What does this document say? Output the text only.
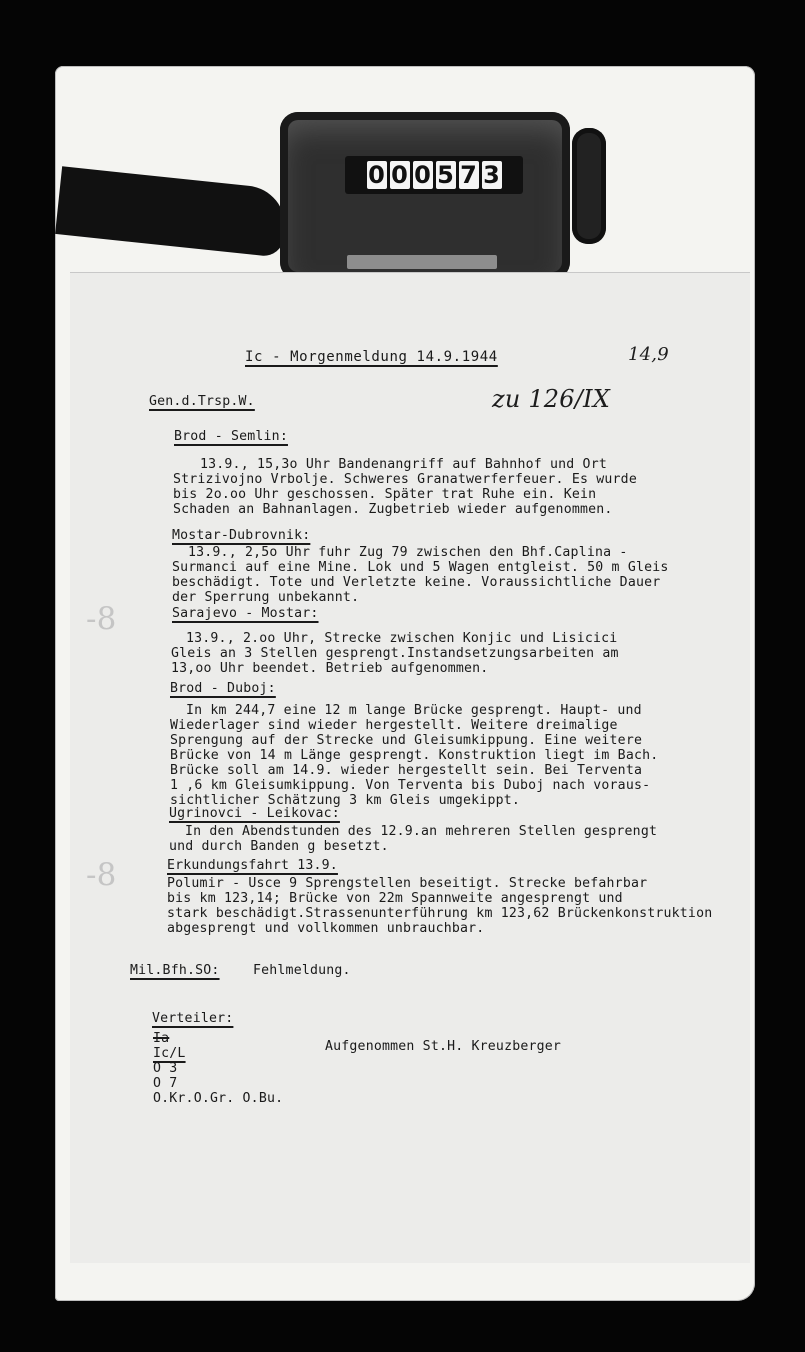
0 0 0 5 7 3
Ic - Morgenmeldung 14.9.1944	14,9
zu 126/IX
Gen.d.Trsp.W.
Brod - Semlin:
13.9., 15,3o Uhr Bandenangriff auf Bahnhof und Ort
Strizivojno Vrbolje. Schweres Granatwerferfeuer. Es wurde
bis 2o.oo Uhr geschossen. Später trat Ruhe ein. Kein
Schaden an Bahnanlagen. Zugbetrieb wieder aufgenommen.
Mostar-Dubrovnik:
13.9., 2,5o Uhr fuhr Zug 79 zwischen den Bhf.Caplina -
Surmanci auf eine Mine. Lok und 5 Wagen entgleist. 50 m Gleis
beschädigt. Tote und Verletzte keine. Voraussichtliche Dauer
der Sperrung unbekannt.
Sarajevo - Mostar:
13.9., 2.oo Uhr, Strecke zwischen Konjic und Lisicici
Gleis an 3 Stellen gesprengt.Instandsetzungsarbeiten am
13,oo Uhr beendet. Betrieb aufgenommen.
Brod - Duboj:
In km 244,7 eine 12 m lange Brücke gesprengt. Haupt- und
Wiederlager sind wieder hergestellt. Weitere dreimalige
Sprengung auf der Strecke und Gleisumkippung. Eine weitere
Brücke von 14 m Länge gesprengt. Konstruktion liegt im Bach.
Brücke soll am 14.9. wieder hergestellt sein. Bei Terventa
1 ,6 km Gleisumkippung. Von Terventa bis Duboj nach voraus-
sichtlicher Schätzung 3 km Gleis umgekippt.
Ugrinovci - Leikovac:
In den Abendstunden des 12.9.an mehreren Stellen gesprengt
und durch Banden g besetzt.
Erkundungsfahrt 13.9.
Polumir - Usce 9 Sprengstellen beseitigt. Strecke befahrbar
bis km 123,14; Brücke von 22m Spannweite angesprengt und
stark beschädigt.Strassenunterführung km 123,62 Brückenkonstruktion
abgesprengt und vollkommen unbrauchbar.
Mil.Bfh.SO:	Fehlmeldung.
Verteiler:
Ia
Ic/L
O 3
O 7
O.Kr.O.Gr. O.Bu.
Aufgenommen St.H. Kreuzberger
-8
-8
